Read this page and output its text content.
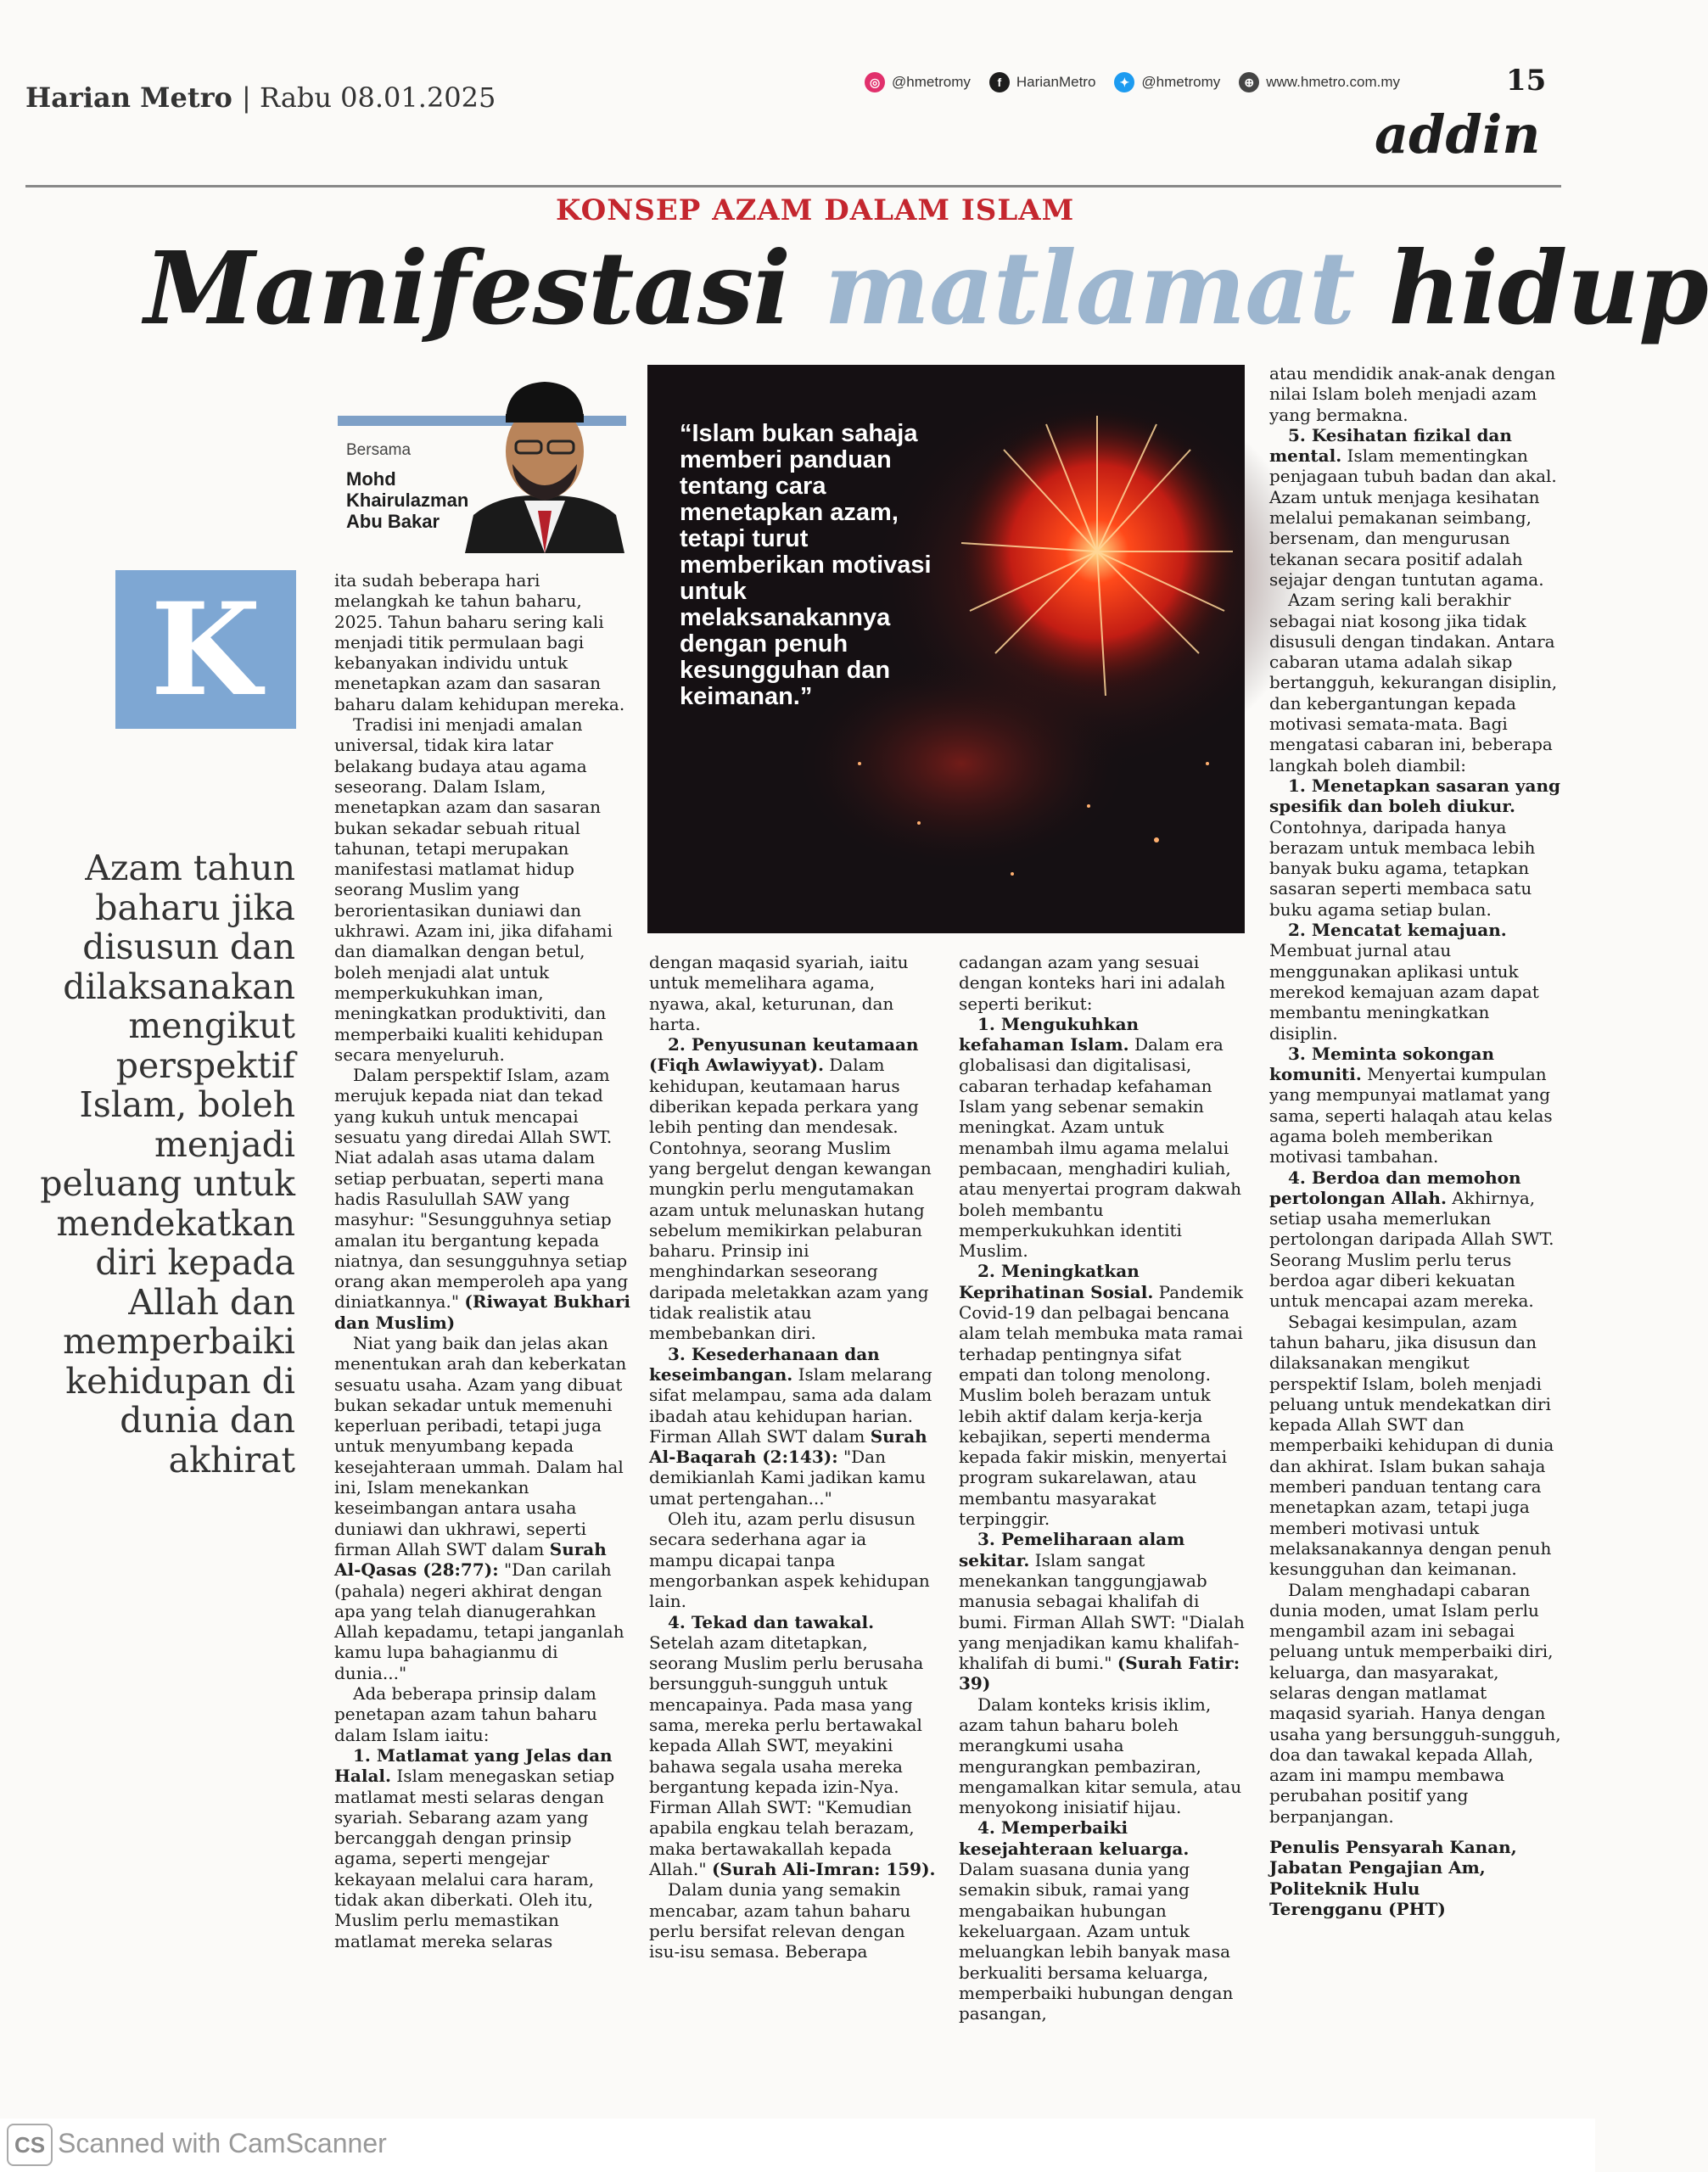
Harian Metro | Rabu 08.01.2025	◎ @hmetromy	f	HarianMetro	✦ @hmetromy	⊕ www.hmetro.com.my	15
addin
KONSEP AZAM DALAM ISLAM
Manifestasi matlamat hidup
Bersama
Mohd
Khairulazman
Abu Bakar
K
Azam tahun baharu jika disusun dan dilaksanakan mengikut perspektif Islam, boleh menjadi peluang untuk mendekatkan diri kepada Allah dan memperbaiki kehidupan di dunia dan akhirat
“Islam bukan sahaja memberi panduan tentang cara menetapkan azam, tetapi turut memberikan motivasi untuk melaksanakannya dengan penuh kesungguhan dan keimanan.”

ita sudah beberapa hari melangkah ke tahun baharu, 2025. Tahun baharu sering kali menjadi titik permulaan bagi kebanyakan individu untuk menetapkan azam dan sasaran baharu dalam kehidupan mereka.

Tradisi ini menjadi amalan universal, tidak kira latar belakang budaya atau agama seseorang. Dalam Islam, menetapkan azam dan sasaran bukan sekadar sebuah ritual tahunan, tetapi merupakan manifestasi matlamat hidup seorang Muslim yang berorientasikan duniawi dan ukhrawi. Azam ini, jika difahami dan diamalkan dengan betul, boleh menjadi alat untuk memperkukuhkan iman, meningkatkan produktiviti, dan memperbaiki kualiti kehidupan secara menyeluruh.

Dalam perspektif Islam, azam merujuk kepada niat dan tekad yang kukuh untuk mencapai sesuatu yang diredai Allah SWT. Niat adalah asas utama dalam setiap perbuatan, seperti mana hadis Rasulullah SAW yang masyhur: "Sesungguhnya setiap amalan itu bergantung kepada niatnya, dan sesungguhnya setiap orang akan memperoleh apa yang diniatkannya." (Riwayat Bukhari dan Muslim)

Niat yang baik dan jelas akan menentukan arah dan keberkatan sesuatu usaha. Azam yang dibuat bukan sekadar untuk memenuhi keperluan peribadi, tetapi juga untuk menyumbang kepada kesejahteraan ummah. Dalam hal ini, Islam menekankan keseimbangan antara usaha duniawi dan ukhrawi, seperti firman Allah SWT dalam Surah Al-Qasas (28:77): "Dan carilah (pahala) negeri akhirat dengan apa yang telah dianugerahkan Allah kepadamu, tetapi janganlah kamu lupa bahagianmu di dunia..."

Ada beberapa prinsip dalam penetapan azam tahun baharu dalam Islam iaitu:

1. Matlamat yang Jelas dan Halal. Islam menegaskan setiap matlamat mesti selaras dengan syariah. Sebarang azam yang bercanggah dengan prinsip agama, seperti mengejar kekayaan melalui cara haram, tidak akan diberkati. Oleh itu, Muslim perlu memastikan matlamat mereka selaras

dengan maqasid syariah, iaitu untuk memelihara agama, nyawa, akal, keturunan, dan harta.

2. Penyusunan keutamaan (Fiqh Awlawiyyat). Dalam kehidupan, keutamaan harus diberikan kepada perkara yang lebih penting dan mendesak. Contohnya, seorang Muslim yang bergelut dengan kewangan mungkin perlu mengutamakan azam untuk melunaskan hutang sebelum memikirkan pelaburan baharu. Prinsip ini menghindarkan seseorang daripada meletakkan azam yang tidak realistik atau membebankan diri.

3. Kesederhanaan dan keseimbangan. Islam melarang sifat melampau, sama ada dalam ibadah atau kehidupan harian. Firman Allah SWT dalam Surah Al-Baqarah (2:143): "Dan demikianlah Kami jadikan kamu umat pertengahan..."

Oleh itu, azam perlu disusun secara sederhana agar ia mampu dicapai tanpa mengorbankan aspek kehidupan lain.

4. Tekad dan tawakal. Setelah azam ditetapkan, seorang Muslim perlu berusaha bersungguh-sungguh untuk mencapainya. Pada masa yang sama, mereka perlu bertawakal kepada Allah SWT, meyakini bahawa segala usaha mereka bergantung kepada izin-Nya. Firman Allah SWT: "Kemudian apabila engkau telah berazam, maka bertawakallah kepada Allah." (Surah Ali-Imran: 159).

Dalam dunia yang semakin mencabar, azam tahun baharu perlu bersifat relevan dengan isu-isu semasa. Beberapa

cadangan azam yang sesuai dengan konteks hari ini adalah seperti berikut:

1. Mengukuhkan kefahaman Islam. Dalam era globalisasi dan digitalisasi, cabaran terhadap kefahaman Islam yang sebenar semakin meningkat. Azam untuk menambah ilmu agama melalui pembacaan, menghadiri kuliah, atau menyertai program dakwah boleh membantu memperkukuhkan identiti Muslim.

2. Meningkatkan Keprihatinan Sosial. Pandemik Covid-19 dan pelbagai bencana alam telah membuka mata ramai terhadap pentingnya sifat empati dan tolong menolong. Muslim boleh berazam untuk lebih aktif dalam kerja-kerja kebajikan, seperti menderma kepada fakir miskin, menyertai program sukarelawan, atau membantu masyarakat terpinggir.

3. Pemeliharaan alam sekitar. Islam sangat menekankan tanggungjawab manusia sebagai khalifah di bumi. Firman Allah SWT: "Dialah yang menjadikan kamu khalifah-khalifah di bumi." (Surah Fatir: 39)

Dalam konteks krisis iklim, azam tahun baharu boleh merangkumi usaha mengurangkan pembaziran, mengamalkan kitar semula, atau menyokong inisiatif hijau.

4. Memperbaiki kesejahteraan keluarga. Dalam suasana dunia yang semakin sibuk, ramai yang mengabaikan hubungan kekeluargaan. Azam untuk meluangkan lebih banyak masa berkualiti bersama keluarga, memperbaiki hubungan dengan pasangan,

atau mendidik anak-anak dengan nilai Islam boleh menjadi azam yang bermakna.

5. Kesihatan fizikal dan mental. Islam mementingkan penjagaan tubuh badan dan akal. Azam untuk menjaga kesihatan melalui pemakanan seimbang, bersenam, dan mengurusan tekanan secara positif adalah sejajar dengan tuntutan agama.

Azam sering kali berakhir sebagai niat kosong jika tidak disusuli dengan tindakan. Antara cabaran utama adalah sikap bertangguh, kekurangan disiplin, dan kebergantungan kepada motivasi semata-mata. Bagi mengatasi cabaran ini, beberapa langkah boleh diambil:

1. Menetapkan sasaran yang spesifik dan boleh diukur. Contohnya, daripada hanya berazam untuk membaca lebih banyak buku agama, tetapkan sasaran seperti membaca satu buku agama setiap bulan.

2. Mencatat kemajuan. Membuat jurnal atau menggunakan aplikasi untuk merekod kemajuan azam dapat membantu meningkatkan disiplin.

3. Meminta sokongan komuniti. Menyertai kumpulan yang mempunyai matlamat yang sama, seperti halaqah atau kelas agama boleh memberikan motivasi tambahan.

4. Berdoa dan memohon pertolongan Allah. Akhirnya, setiap usaha memerlukan pertolongan daripada Allah SWT. Seorang Muslim perlu terus berdoa agar diberi kekuatan untuk mencapai azam mereka.

Sebagai kesimpulan, azam tahun baharu, jika disusun dan dilaksanakan mengikut perspektif Islam, boleh menjadi peluang untuk mendekatkan diri kepada Allah SWT dan memperbaiki kehidupan di dunia dan akhirat. Islam bukan sahaja memberi panduan tentang cara menetapkan azam, tetapi juga memberi motivasi untuk melaksanakannya dengan penuh kesungguhan dan keimanan.

Dalam menghadapi cabaran dunia moden, umat Islam perlu mengambil azam ini sebagai peluang untuk memperbaiki diri, keluarga, dan masyarakat, selaras dengan matlamat maqasid syariah. Hanya dengan usaha yang bersungguh-sungguh, doa dan tawakal kepada Allah, azam ini mampu membawa perubahan positif yang berpanjangan.

Penulis Pensyarah Kanan, Jabatan Pengajian Am, Politeknik Hulu Terengganu (PHT)

CS Scanned with CamScanner
